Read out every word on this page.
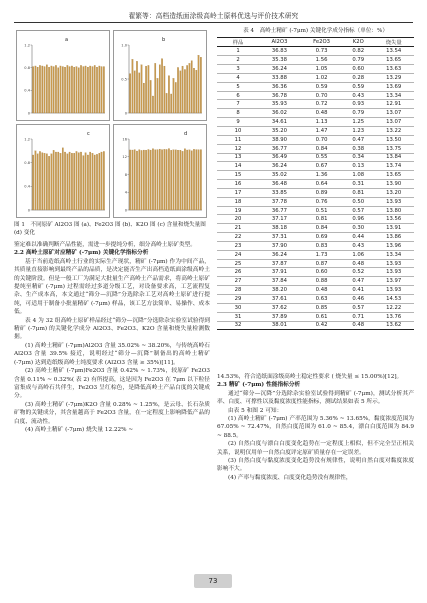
翟繁等：高档造纸面涂级高岭土原料优选与评价技术研究
0
0.4
0.8
1.2
a
0
0.5
1.0
b
0
0.4
0.8
1.2
c
0
4
8
12
16
d
图 1　不同原矿 Al2O3 图 (a)、Fe2O3 图 (b)、K2O 图 (c) 含量和烧失量图 (d) 变化

鉴定难以准确判断产品性能，需进一步提纯分析，细分高岭土原矿类型。

2.2 高岭土原矿对应精矿 (-7μm) 关键化学指标分析

基于当前造纸高岭土行业的实际生产现状，精矿 (-7μm) 作为中间产品，其质量直接影响到最终产品的品质，是决定能否生产出高档造纸面涂级高岭土的关键阶段。但是一般工厂为满足大批量生产高岭土产品需求，将高岭土原矿提纯至精矿 (-7μm) 过程需经过多道分级工艺，对设备要求高，工艺流程复杂、生产成本高，本文通过“筛分—沉降”分选除杂工艺对高岭土原矿进行提纯，可适用于制备小批量精矿 (-7μm) 样品，该工艺方法简单、易操作、成本低。

表 4 为 32 组高岭土原矿样品经过“筛分—沉降”分选除杂实验室试验得到精矿 (-7μm) 的关键化学成分 Al2O3、Fe2O3、K2O 含量和烧失量检测数据。

(1) 高岭土精矿 (-7μm)Al2O3 含量 35.02% ~ 38.20%，与传统高岭石 Al2O3 含量 39.5% 接近，说明经过“筛分—沉降”制备出的高岭土精矿 (-7μm) 达到造纸级高岭土纯度要求 (Al2O3 含量 ≥ 35%)[11]。

(2) 高岭土精矿 (-7μm)Fe2O3 含量 0.42% ~ 1.73%，较原矿 Fe2O3 含量 0.11% ~ 0.32%( 表 2) 有所提高，这是因为 Fe2O3 在 7μm 以下粒径富集成与高岭石共伴生，Fe2O3 呈红棕色，是降低高岭土产品白度的关键成分。

(3) 高岭土精矿 (-7μm)K2O 含量 0.28% ~ 1.25%，是云母、长石杂质矿物的关键成分，其含量越高于 Fe2O3 含量，在一定程度上影响降低产品的白度、流动性。

(4) 高岭土精矿 (-7μm) 烧失量 12.22% ~

表 4　高岭土精矿 (-7μm) 关键化学成分指标（单位：%）
样品	Al2O3	Fe2O3	K2O	烧失量
1	36.83	0.73	0.82	13.54
2	35.38	1.56	0.79	13.65
3	36.24	1.05	0.60	13.63
4	33.88	1.02	0.28	13.29
5	36.36	0.59	0.59	13.69
6	36.78	0.70	0.43	13.34
7	35.93	0.72	0.93	12.91
8	36.02	0.48	0.79	13.07
9	34.61	1.13	1.25	13.07
10	35.20	1.47	1.23	13.22
11	38.90	0.70	0.47	13.50
12	36.77	0.84	0.38	13.75
13	36.49	0.55	0.34	13.84
14	36.24	0.67	0.13	13.74
15	35.02	1.36	1.08	13.65
16	36.48	0.64	0.31	13.90
17	33.85	0.89	0.81	13.20
18	37.78	0.76	0.50	13.93
19	36.77	0.51	0.57	13.80
20	37.17	0.81	0.96	13.56
21	38.18	0.84	0.30	13.91
22	37.31	0.69	0.44	13.86
23	37.90	0.83	0.43	13.96
24	36.24	1.73	1.06	13.34
25	37.87	0.87	0.48	13.93
26	37.91	0.60	0.52	13.93
27	37.84	0.88	0.47	13.97
28	38.20	0.48	0.41	13.93
29	37.61	0.63	0.46	14.53
30	37.62	0.85	0.57	12.22
31	37.89	0.61	0.71	13.76
32	38.01	0.42	0.48	13.62

14.53%，符合造纸面涂级高岭土稳定性要求 ( 烧失量 ≤ 15.00%)[12]。

2.3 精矿 (-7μm) 性能指标分析

通过“筛分—沉降”分选除杂实验室试验得到精矿 (-7μm)，测试分析其产率、白度、可撑性以及黏度浓度性能指标，测试结果如表 5 所示。

由表 5 和图 2 可知：

(1) 高岭土精矿 (-7μm) 产率范围为 5.36% ~ 13.65%，黏度浓度范围为 67.05% ~ 72.47%，自然白度范围为 61.0 ~ 85.4，漂白白度范围为 84.9 ~ 88.5。

(2) 自然白度与漂白白度变化趋势在一定程度上相似，但不完全呈正相关关系，说明仅用单一自然白度评定原矿质量存在一定误差。

(3) 自然白度与黏度浓度变化趋势没有规律性，说明自然白度对黏度浓度影响不大。

(4) 产率与黏度浓度、白度变化趋势没有规律性，

73
